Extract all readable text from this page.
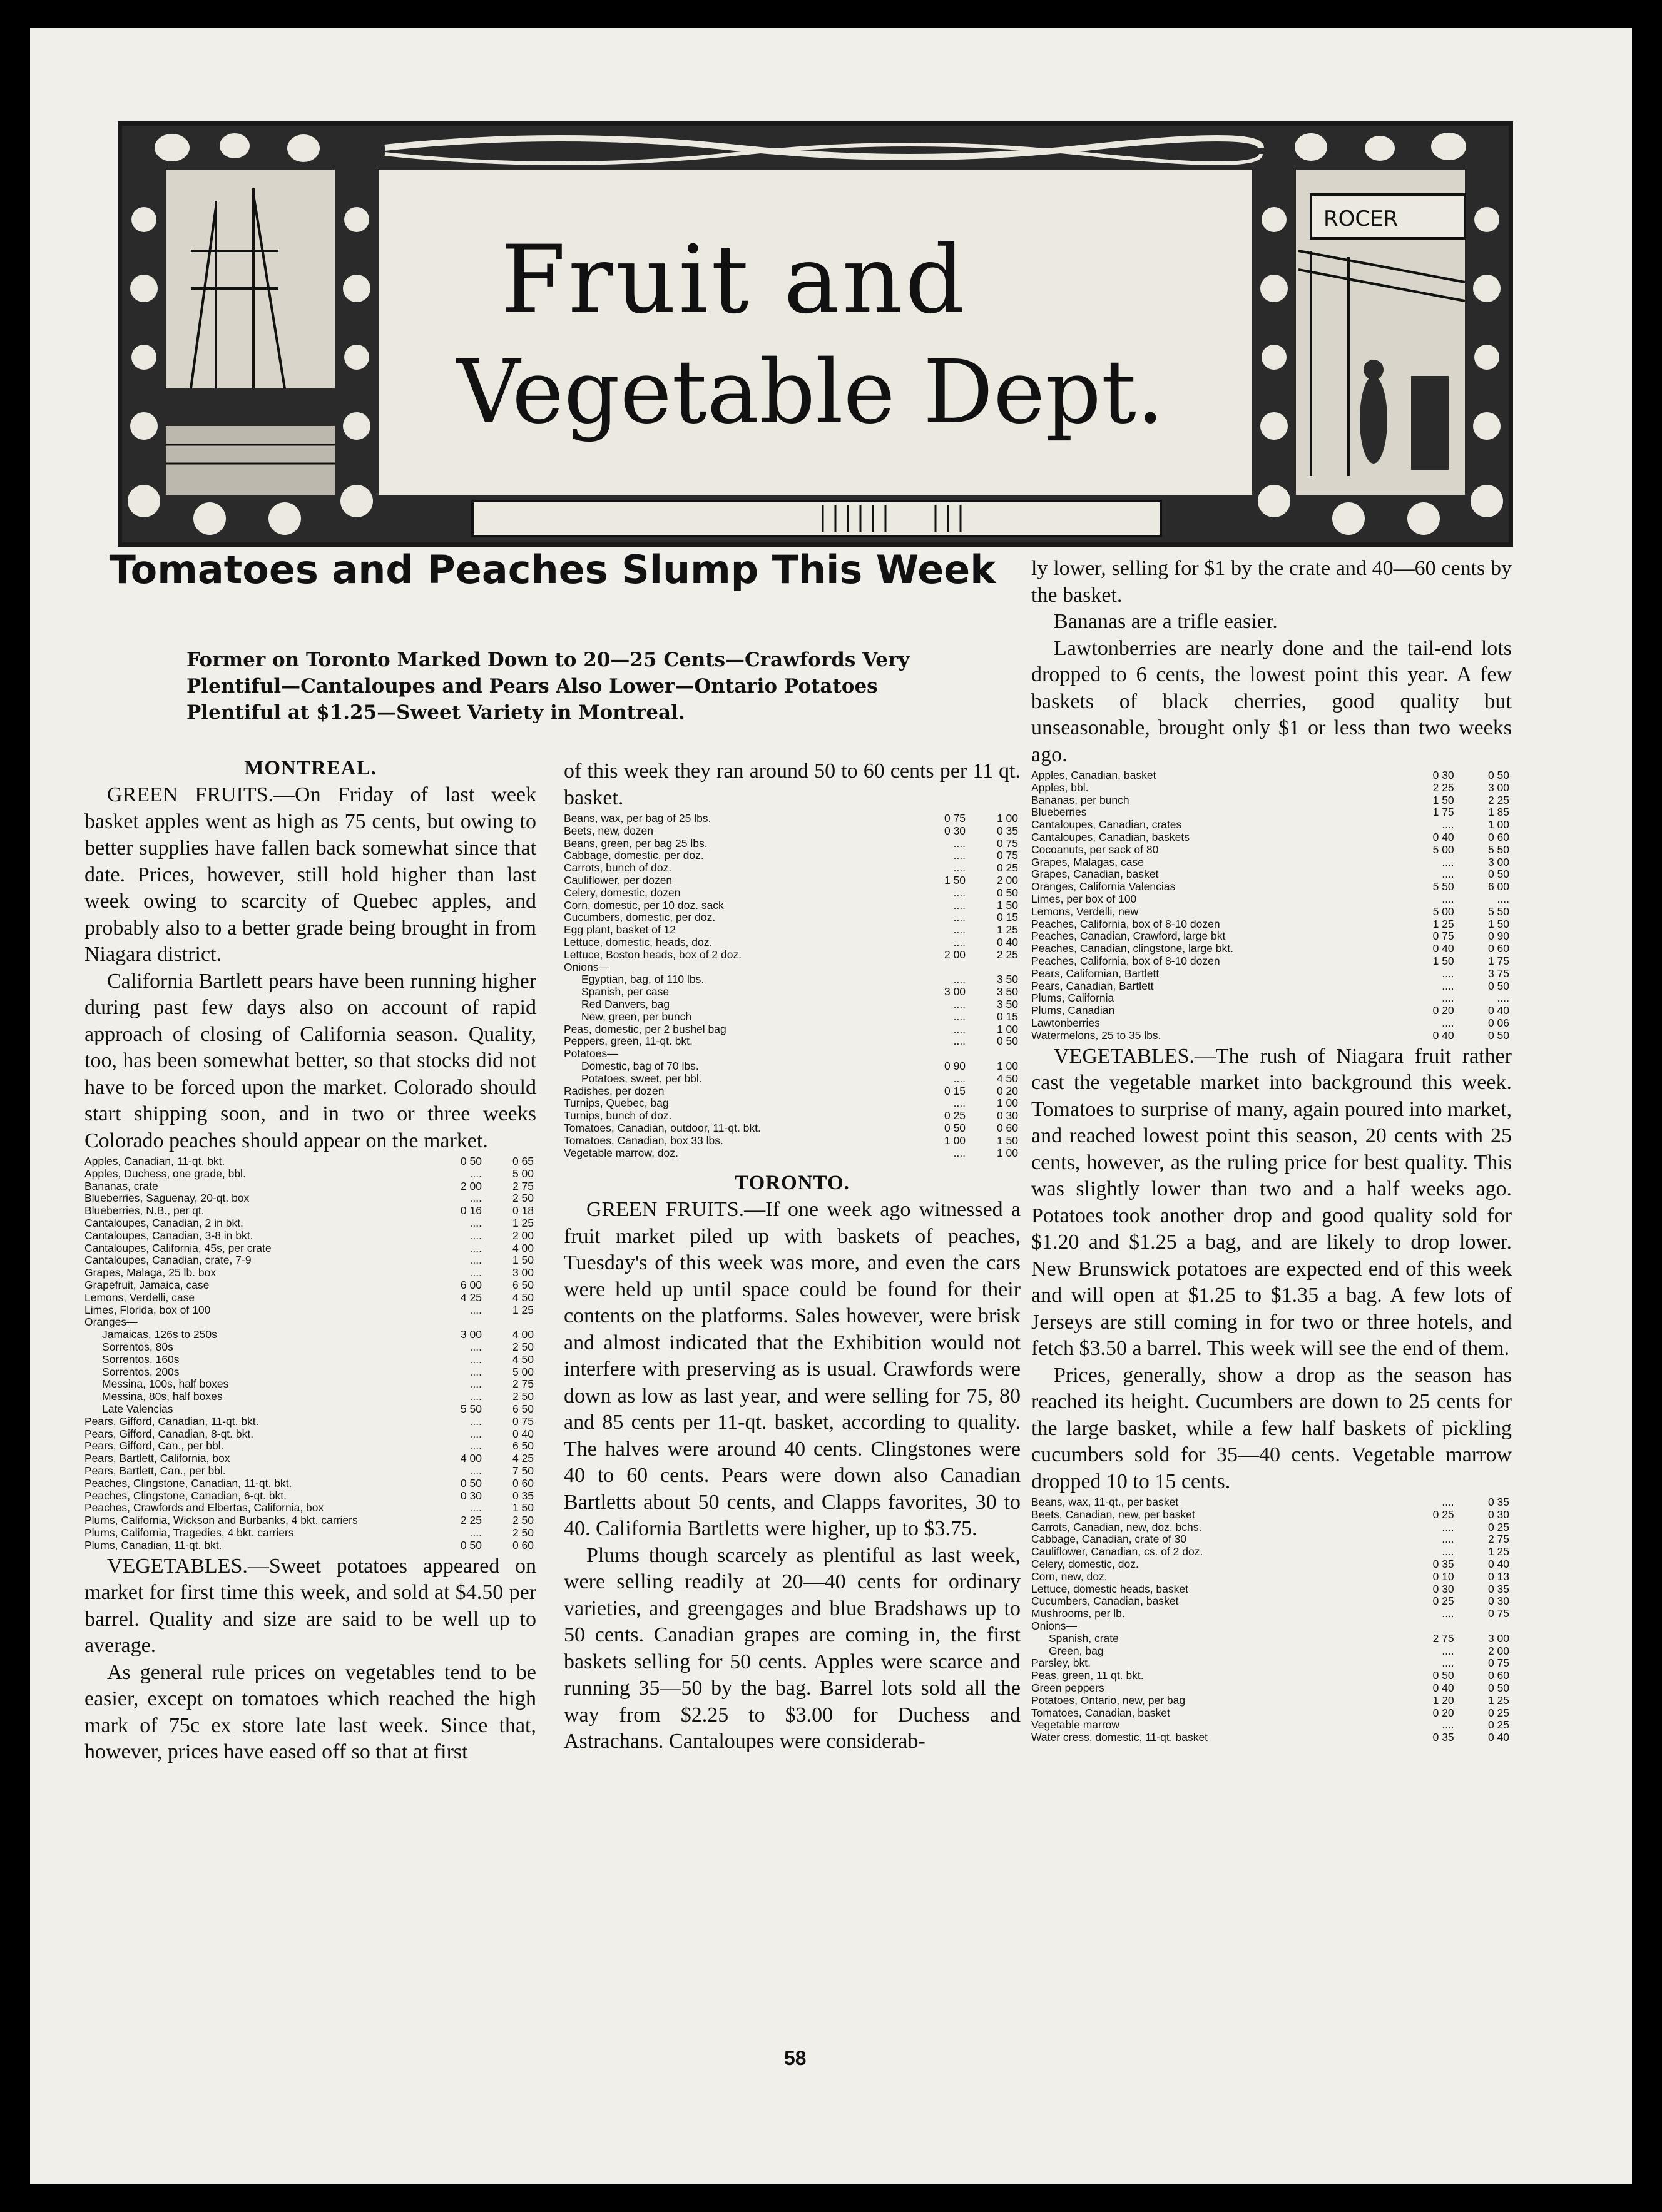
ROCER
Fruit and
Vegetable Dept.
Tomatoes and Peaches Slump This Week
Former on Toronto Marked Down to 20—25 Cents—Crawfords Very Plentiful—Cantaloupes and Pears Also Lower—Ontario Potatoes Plentiful at $1.25—Sweet Variety in Montreal.
MONTREAL.

GREEN FRUITS.—On Friday of last week basket apples went as high as 75 cents, but owing to better supplies have fallen back somewhat since that date. Prices, however, still hold higher than last week owing to scarcity of Quebec apples, and probably also to a better grade being brought in from Niagara district.

California Bartlett pears have been running higher during past few days also on account of rapid approach of closing of California season. Quality, too, has been somewhat better, so that stocks did not have to be forced upon the market. Colorado should start shipping soon, and in two or three weeks Colorado peaches should appear on the market.

Apples, Canadian, 11-qt. bkt.	0 50	0 65
Apples, Duchess, one grade, bbl.	....	5 00
Bananas, crate	2 00	2 75
Blueberries, Saguenay, 20-qt. box	....	2 50
Blueberries, N.B., per qt.	0 16	0 18
Cantaloupes, Canadian, 2 in bkt.	....	1 25
Cantaloupes, Canadian, 3-8 in bkt.	....	2 00
Cantaloupes, California, 45s, per crate	....	4 00
Cantaloupes, Canadian, crate, 7-9	....	1 50
Grapes, Malaga, 25 lb. box	....	3 00
Grapefruit, Jamaica, case	6 00	6 50
Lemons, Verdelli, case	4 25	4 50
Limes, Florida, box of 100	....	1 25
Oranges—		
Jamaicas, 126s to 250s	3 00	4 00
Sorrentos, 80s	....	2 50
Sorrentos, 160s	....	4 50
Sorrentos, 200s	....	5 00
Messina, 100s, half boxes	....	2 75
Messina, 80s, half boxes	....	2 50
Late Valencias	5 50	6 50
Pears, Gifford, Canadian, 11-qt. bkt.	....	0 75
Pears, Gifford, Canadian, 8-qt. bkt.	....	0 40
Pears, Gifford, Can., per bbl.	....	6 50
Pears, Bartlett, California, box	4 00	4 25
Pears, Bartlett, Can., per bbl.	....	7 50
Peaches, Clingstone, Canadian, 11-qt. bkt.	0 50	0 60
Peaches, Clingstone, Canadian, 6-qt. bkt.	0 30	0 35
Peaches, Crawfords and Elbertas, California, box	....	1 50
Plums, California, Wickson and Burbanks, 4 bkt. carriers	2 25	2 50
Plums, California, Tragedies, 4 bkt. carriers	....	2 50
Plums, Canadian, 11-qt. bkt.	0 50	0 60

VEGETABLES.—Sweet potatoes appeared on market for first time this week, and sold at $4.50 per barrel. Quality and size are said to be well up to average.

As general rule prices on vegetables tend to be easier, except on tomatoes which reached the high mark of 75c ex store late last week. Since that, however, prices have eased off so that at first

of this week they ran around 50 to 60 cents per 11 qt. basket.

Beans, wax, per bag of 25 lbs.	0 75	1 00
Beets, new, dozen	0 30	0 35
Beans, green, per bag 25 lbs.	....	0 75
Cabbage, domestic, per doz.	....	0 75
Carrots, bunch of doz.	....	0 25
Cauliflower, per dozen	1 50	2 00
Celery, domestic, dozen	....	0 50
Corn, domestic, per 10 doz. sack	....	1 50
Cucumbers, domestic, per doz.	....	0 15
Egg plant, basket of 12	....	1 25
Lettuce, domestic, heads, doz.	....	0 40
Lettuce, Boston heads, box of 2 doz.	2 00	2 25
Onions—		
Egyptian, bag, of 110 lbs.	....	3 50
Spanish, per case	3 00	3 50
Red Danvers, bag	....	3 50
New, green, per bunch	....	0 15
Peas, domestic, per 2 bushel bag	....	1 00
Peppers, green, 11-qt. bkt.	....	0 50
Potatoes—		
Domestic, bag of 70 lbs.	0 90	1 00
Potatoes, sweet, per bbl.	....	4 50
Radishes, per dozen	0 15	0 20
Turnips, Quebec, bag	....	1 00
Turnips, bunch of doz.	0 25	0 30
Tomatoes, Canadian, outdoor, 11-qt. bkt.	0 50	0 60
Tomatoes, Canadian, box 33 lbs.	1 00	1 50
Vegetable marrow, doz.	....	1 00
TORONTO.

GREEN FRUITS.—If one week ago witnessed a fruit market piled up with baskets of peaches, Tuesday's of this week was more, and even the cars were held up until space could be found for their contents on the platforms. Sales however, were brisk and almost indicated that the Exhibition would not interfere with preserving as is usual. Crawfords were down as low as last year, and were selling for 75, 80 and 85 cents per 11-qt. basket, according to quality. The halves were around 40 cents. Clingstones were 40 to 60 cents. Pears were down also Canadian Bartletts about 50 cents, and Clapps favorites, 30 to 40. California Bartletts were higher, up to $3.75.

Plums though scarcely as plentiful as last week, were selling readily at 20—40 cents for ordinary varieties, and greengages and blue Bradshaws up to 50 cents. Canadian grapes are coming in, the first baskets selling for 50 cents. Apples were scarce and running 35—50 by the bag. Barrel lots sold all the way from $2.25 to $3.00 for Duchess and Astrachans. Cantaloupes were considerab-

ly lower, selling for $1 by the crate and 40—60 cents by the basket.

Bananas are a trifle easier.

Lawtonberries are nearly done and the tail-end lots dropped to 6 cents, the lowest point this year. A few baskets of black cherries, good quality but unseasonable, brought only $1 or less than two weeks ago.

Apples, Canadian, basket	0 30	0 50
Apples, bbl.	2 25	3 00
Bananas, per bunch	1 50	2 25
Blueberries	1 75	1 85
Cantaloupes, Canadian, crates	....	1 00
Cantaloupes, Canadian, baskets	0 40	0 60
Cocoanuts, per sack of 80	5 00	5 50
Grapes, Malagas, case	....	3 00
Grapes, Canadian, basket	....	0 50
Oranges, California Valencias	5 50	6 00
Limes, per box of 100	....	....
Lemons, Verdelli, new	5 00	5 50
Peaches, California, box of 8-10 dozen	1 25	1 50
Peaches, Canadian, Crawford, large bkt	0 75	0 90
Peaches, Canadian, clingstone, large bkt.	0 40	0 60
Peaches, California, box of 8-10 dozen	1 50	1 75
Pears, Californian, Bartlett	....	3 75
Pears, Canadian, Bartlett	....	0 50
Plums, California	....	....
Plums, Canadian	0 20	0 40
Lawtonberries	....	0 06
Watermelons, 25 to 35 lbs.	0 40	0 50

VEGETABLES.—The rush of Niagara fruit rather cast the vegetable market into background this week. Tomatoes to surprise of many, again poured into market, and reached lowest point this season, 20 cents with 25 cents, however, as the ruling price for best quality. This was slightly lower than two and a half weeks ago. Potatoes took another drop and good quality sold for $1.20 and $1.25 a bag, and are likely to drop lower. New Brunswick potatoes are expected end of this week and will open at $1.25 to $1.35 a bag. A few lots of Jerseys are still coming in for two or three hotels, and fetch $3.50 a barrel. This week will see the end of them.

Prices, generally, show a drop as the season has reached its height. Cucumbers are down to 25 cents for the large basket, while a few half baskets of pickling cucumbers sold for 35—40 cents. Vegetable marrow dropped 10 to 15 cents.

Beans, wax, 11-qt., per basket	....	0 35
Beets, Canadian, new, per basket	0 25	0 30
Carrots, Canadian, new, doz. bchs.	....	0 25
Cabbage, Canadian, crate of 30	....	2 75
Cauliflower, Canadian, cs. of 2 doz.	....	1 25
Celery, domestic, doz.	0 35	0 40
Corn, new, doz.	0 10	0 13
Lettuce, domestic heads, basket	0 30	0 35
Cucumbers, Canadian, basket	0 25	0 30
Mushrooms, per lb.	....	0 75
Onions—		
Spanish, crate	2 75	3 00
Green, bag	....	2 00
Parsley, bkt.	....	0 75
Peas, green, 11 qt. bkt.	0 50	0 60
Green peppers	0 40	0 50
Potatoes, Ontario, new, per bag	1 20	1 25
Tomatoes, Canadian, basket	0 20	0 25
Vegetable marrow	....	0 25
Water cress, domestic, 11-qt. basket	0 35	0 40
58
